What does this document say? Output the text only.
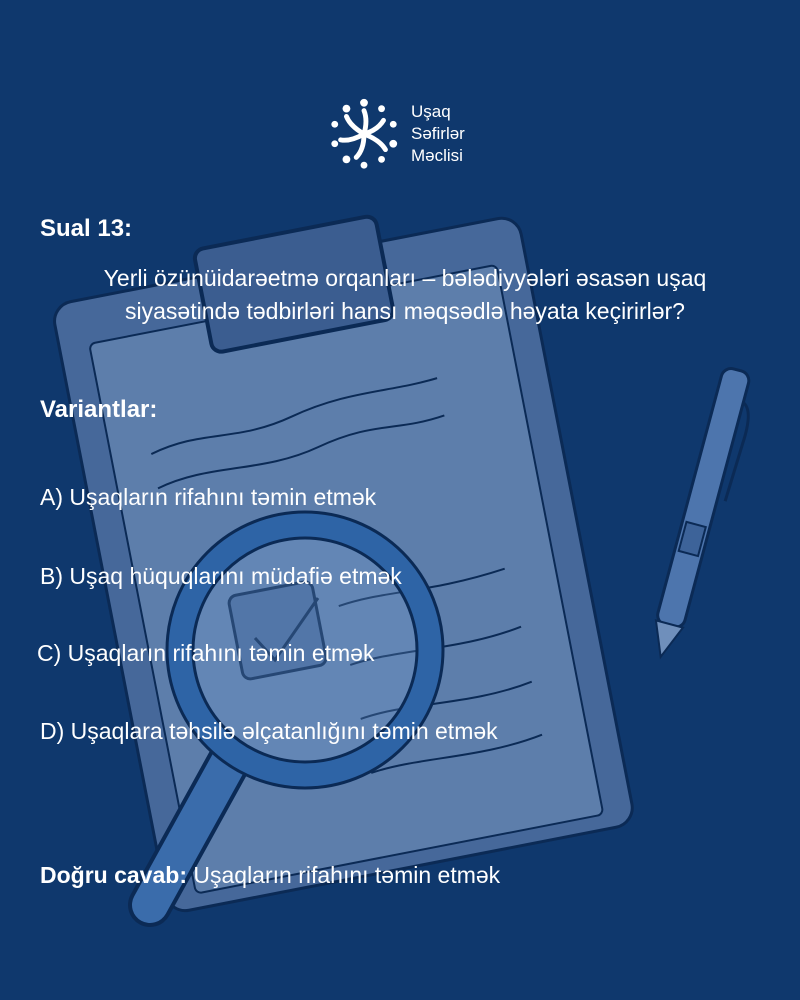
Uşaq
Səfirlər
Məclisi
Sual 13:
Yerli özünüidarəetmə orqanları – bələdiyyələri əsasən uşaq siyasətində tədbirləri hansı məqsədlə həyata keçirirlər?
Variantlar:
A) Uşaqların rifahını təmin etmək
B) Uşaq hüquqlarını müdafiə etmək
C) Uşaqların rifahını təmin etmək
D) Uşaqlara təhsilə əlçatanlığını təmin etmək
Doğru cavab: Uşaqların rifahını təmin etmək
